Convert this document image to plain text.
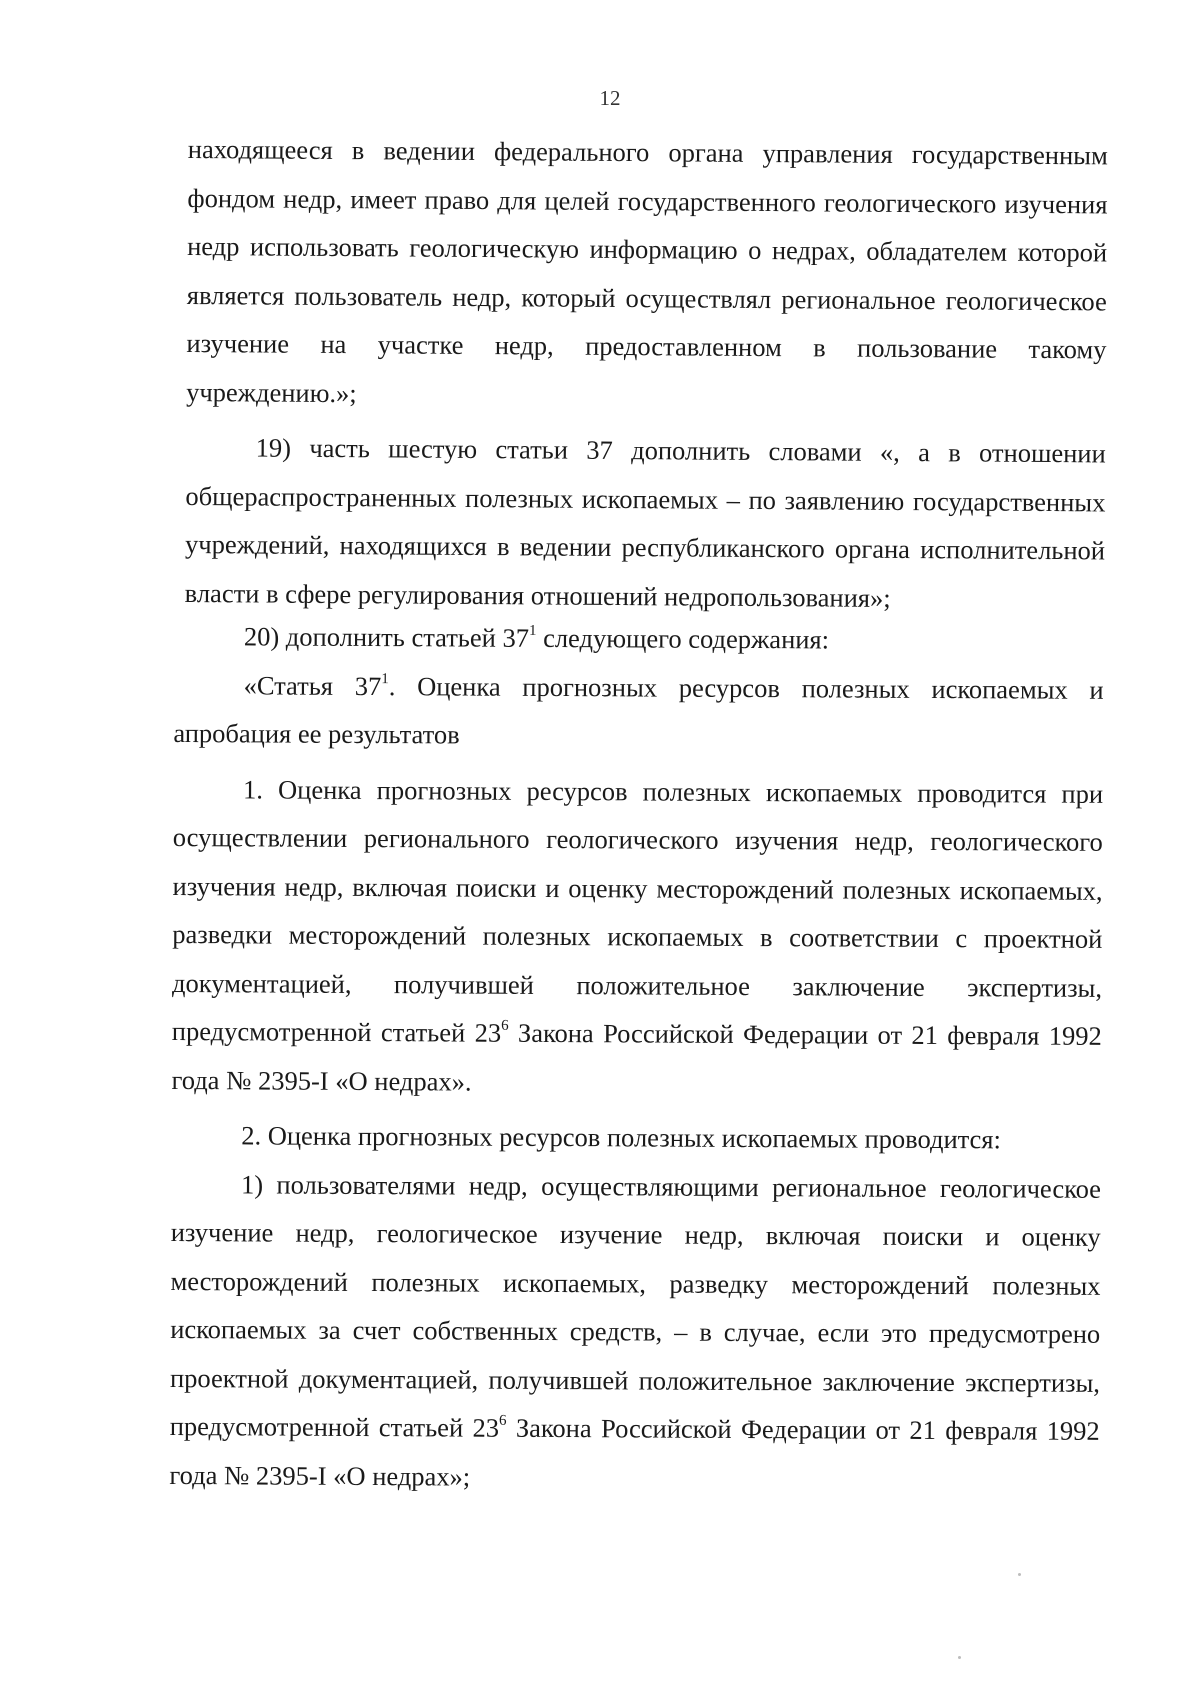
12

находящееся в ведении федерального органа управления государственным фондом недр, имеет право для целей государственного геологического изучения недр использовать геологическую информацию о недрах, обладателем которой является пользователь недр, который осуществлял региональное геологическое изучение на участке недр, предоставленном в пользование такому учреждению.»;

19) часть шестую статьи 37 дополнить словами «, а в отношении общераспространенных полезных ископаемых – по заявлению государственных учреждений, находящихся в ведении республиканского органа исполнительной власти в сфере регулирования отношений недропользования»;

20) дополнить статьей $37^1$ следующего содержания:

«Статья $37^1$. Оценка прогнозных ресурсов полезных ископаемых и апробация ее результатов

1. Оценка прогнозных ресурсов полезных ископаемых проводится при осуществлении регионального геологического изучения недр, геологического изучения недр, включая поиски и оценку месторождений полезных ископаемых, разведки месторождений полезных ископаемых в соответствии с проектной документацией, получившей положительное заключение экспертизы, предусмотренной статьей $23^6$ Закона Российской Федерации от 21 февраля 1992 года № 2395-I «О недрах».

2. Оценка прогнозных ресурсов полезных ископаемых проводится:

1) пользователями недр, осуществляющими региональное геологическое изучение недр, геологическое изучение недр, включая поиски и оценку месторождений полезных ископаемых, разведку месторождений полезных ископаемых за счет собственных средств, – в случае, если это предусмотрено проектной документацией, получившей положительное заключение экспертизы, предусмотренной статьей $23^6$ Закона Российской Федерации от 21 февраля 1992 года № 2395-I «О недрах»;
